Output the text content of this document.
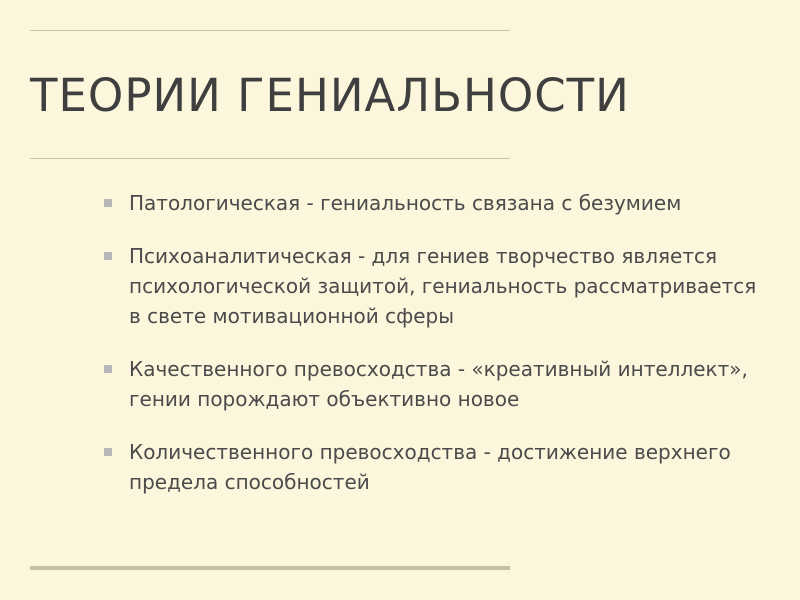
ТЕОРИИ ГЕНИАЛЬНОСТИ
Патологическая - гениальность связана с безумием
Психоаналитическая - для гениев творчество является психологической защитой, гениальность рассматривается в свете мотивационной сферы
Качественного превосходства - «креативный интеллект», гении порождают объективно новое
Количественного превосходства - достижение верхнего предела способностей
